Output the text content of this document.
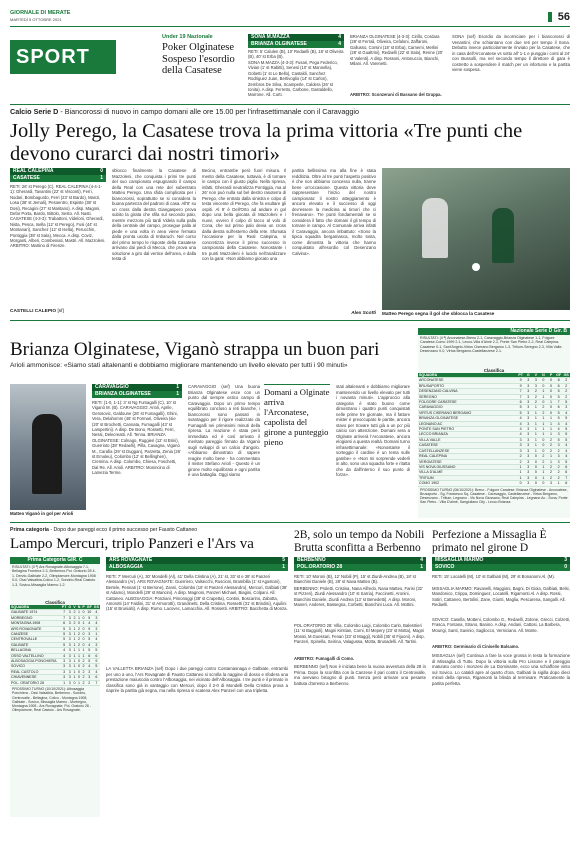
GIORNALE DI MERATE
MARTEDÌ 5 OTTOBRE 2021	56
SPORT
Under 19 Nazionale
Poker Olginatese Sospeso l'esordio della Casatese
SONA M.MAZZA	4
BRIANZA OLGINATESE	4
RETI: 5' Calulen (B), 10' Redaelli (B), 18' st Oliveira (B), 40' st Erba (B).
SONA M.MAZZA (4-3-3): Fusari, Pega Federico, Vivian (1' st Rabitti), Senesi (10' st Mannella), Gobetti (1' st Lo Bello), Castaldi, Sanchez Rodriguez Juan, Bertivoglio (14' st Carlon), Zembros De Silva, Scamperle, Caldera (26' st Ionita). A disp. Ferretto, Carbone, Gastaldello, Marrone. All. Curti.
BRIANZA OLGINATESE (4-3-3): Cirillo, Cordara (28' st Ferrali, Oliveira, Cefaloni, Zaffaroni, Gallusso, Corsini (18' st Erba), Carnemi, Merlini (28' st Gualtrini), Redaelli (22' st Sala), Renne (20' st Valenti). A disp. Rossoni, Antonuccio, Bianchi, Milani. All. Varenetti.
ARBITRO: Sconzerani di Bassano del Grappa.
SONA (sef) Esordio da incorniciare per i biancorossi di Venantini, che schiantano con due reti per tempo il Sona. Debutto invece particolarmente rinviato per la Casatese, che in casa dell'Arconatese vs sotto all' 1-1 e punggia i conti al 24' con Bussolli, ma nel secondo tempo il direttore di gara è costretto a sospendere il match per un infortunio e la partita viene sospesa.
Calcio Serie D - Biancorossi di nuovo in campo domani alle ore 15.00 per l'infrasettimanale con il Caravaggio
Jolly Perego, la Casatese trova la prima vittoria «Tre punti che devono curarci dai nostri timori»
REAL CALEPINA	0
CASATESE	1
RETI: 26' st Perego (C). REAL CALEPINA (4-4-1-1): Gherardi, Tavantini (22' st Visconti), Ferri, Nodari, Bombagurdo, Ferri (23' st Bardo), Manzi, Losa (38' st Jemali), Pesoentro, Espiste (38' st Dosi), Recagini (27' st Maritano). A disp. Magoni, Defar Porta, Bardo, Bittolo, Sesto. All. Nasti. CASATESE (4-3-3): Trabattoni, Videloni, Gherardi, Nista, Pesca, Isella (12' st Perego), Fusi (44' st Montanari), Sanchez (12' st Isella), Perucchin, Pontiggia (38' st Sala), Mecca. A disp. Coviz, Morganti, Alberi, Combeniati, Mastri. All. Mazzoleni. ARBITRO: Martino di Firenze.
CASTELLI CALEPIO [sf]
sblocco finalmente la Casatese di Mazzoleni, che conquista i primi tre punti del suo campionato espugnando il campo della Real con una rete del subentrato Matteo Perego. Una sfida complicata per i biancorossi, soprattutto se si considera la buona partenza del padroni di casa. All'8' su un cross dalla destra Giangaspero prova subito la girata che sfila sul secondo palo, mentre mezzora più tardi Videla sulla palla della centrale del campo, prosegue palla al piede e una volta in area viene fermato dalla pronta uscita di Imbaruch. Nel corso del primo tempo le risposte della Casatese arrivano dai piedi di Mecca, che prova una soluzione a giro dal vertice dell'area, e dalla testa di
Becino, entrambe però fuori misura. Il merito della Casatese, tuttavia, è di tornare in campo con il giusto piglio. Nella ripresa, infatti, Gherardi neutralizza Pontiggia, ma al 26' non può nulla sul bel destro rasoterra di Perego, che entrato dalla sinistra e colpo di testa vincente di Perego, che fa esultare gli ospiti. Al 9' è Dell'Orto ad andare in gol dopo una bella giocata di Mazzoleni e i nuovi, ovvero il colpo di tacco al volo di Cona, che sul primo palo devia un cross dalla destra sull'esterno della rete. Sfumata l'occasione per la Real Calepina, si concretizza invece il primo successo in campionato della Casatese. Nonostante i tre punti Mazzoleni è lucido nell'analizzare con la gara: «Non abbiamo giocato una
partita bellissima ma alla fine è stata redditizia. Oltre al tre punti l'aspetto positivo è che non abbiamo concesso nulla, tranne bene un'occasione. Questa vittoria deve rappresentare l'inizio del nostro campionato: il nostro atteggiamento è ancora elevato e il successo di oggi dev'essere la medicina ai timori che ci frenavano». Tre punti fondamentali se si considera il fatto che domani il gli tempo di tornare in campo. Al Comunale arriva infatti il Caravaggio, ancora imbattuto: «Sono la tipica squadra bergamasca, molto tosta, come dimostra la vittoria che hanno conquistato all'esordio col Desenzano Calvina».
Alex Scotti Matteo Perego segna il gol che sblocca la Casatese
Brianza Olginatese, Viganò strappa un buon pari
Arioli ammonisce: «Siamo stati altalenanti e dobbiamo migliorare mantenendo un livello elevato per tutti i 90 minuti»
Matteo Viganò in gol per Arioli
CARAVAGGIO	1
BRIANZA OLGINATESE	1
RETI: (1-0, 1-1): 3' st Ng Fumagalli (C), 10' st Viganò M. (B). CARAVAGGIO: Arioli, Aprile, Gerosovic, Galdoune (26' st Fumagalli), Ghini, Vera, Delahomm (46' st Formari, Oliveira (sie (20' st Brochetti, Cannata, Fumagalli (43' st Lampertini). A disp. De Bono, Rossetti, Ferri, Nessi, Delecreatti. All. Tenna. BRIANZA OLGINATESE: Colnago, Ruggieri (12' st Brini), Guerrioto (38' Redaelli), Pilla, Cavagna, Viganò M., Carafia (29' st Duggan), Parzetta, Zenia (26' st Emuleu), Colombo (12' st Bellinghen), Cremina. A disp. Colombo, Chiesa, Foschetti, Dal Re. All. Arioli. ARBITRO: Monincino di Lamezia Terme.
CARAVAGGIO (sef) Una buona Brianza Olginatese esce con un punto dal sempre ostico campo di Caravaggio. Dopo un primo tempo equilibrato concluso a reti bianche, i biancorossi sono passati in svantaggio per il rigore realizzato da Fumagalli nei primissimi minuti della ripresa. La reazione è stata però immediata ed è così arrivato il meritato pareggio firmato da Viganò sugli sviluppi di un calcio d'angolo. «Abbiamo dimostrato di sapere reagire molto bene - ha commentato il mister Stefano Arioli - Questo è un girone molto equilibrato e ogni partita è una battaglia. Oggi siamo
Domani a Olginate arriva l'Arconatese, capolista del girone a punteggio pieno
stati altalenanti e dobbiamo migliorare mantenendo un livello elevato per tutti i novanta minuti». L'approccio alla categoria è stato buono come dimostrano i quattro punti conquistati nelle prime tre giornate, ma il fattore mister è preoccupato le partite, ancora stavo per trovare tutti già a un po' più calcio con attenzione. Domani sera a Olginate arriverà l'Arconatese, ancora elogiarsi a questa realtà. Domani turno infrasettimanale: «Nonostante il sorteggio il cardine è un tema sulle gambe» e «Non mi sorprende vederli in alto, sono una squadra forte e ritatta che da dall'interno il suo punto di forza».
Nazionale Serie D Gir. B
RISULTATI: (4 ª) Arconatese-Breno 2-1, Caravaggio-Brianza Olginatese 1-1, Folgore Caratese-Como 1999 2-1, Lecco-Villa d'Almè 2-2, Ponte San Pietro 2-2, Real Calepina-Casatese 0-1, Sant'Angelo-Virtus Ciserano Bergamo 1-3, Tritium-Seregno 2-3, Villa Valle-Desenzano 0-0, Virtus Bergamo-Castellanzese 2-1.
Classifica
SQUADRA	PT	G	V	N	P	GF	GS
ARCONATESE	9	3	3	0	0	8	2
BRUSAPORTO	9	3	3	0	0	6	2
DESENZANO CALVINA	7	3	2	1	0	5	2
SEREGNO	7	3	2	1	0	5	2
FOLGORE CARATESE	6	3	2	0	1	7	5
CARAVAGGIO	5	3	1	2	0	6	3
VIRTUS CISERANO BERGAMO	5	3	1	2	0	5	4
BRIANZA OLGINATESE	4	3	1	1	1	5	5
LEGNANO AC	4	3	1	1	1	4	4
PONTE SAN PIETRO	4	3	1	1	1	4	5
LECCO BRIANZA	4	3	1	1	1	3	5
VILLA VALLE	3	3	1	0	2	5	5
CASATESE	3	3	1	0	2	3	4
CASTELLANZESE	3	3	1	0	2	2	4
REAL CALEPINA	2	3	0	2	1	3	4
VERGIATESE	2	3	0	2	1	3	5
VIS NOVA GIUSSANO	1	3	0	1	2	2	6
VILLA D'ALMÈ	1	3	0	1	2	2	6
TRITIUM	1	3	0	1	2	2	7
COMO 1902	0	3	0	0	3	1	6
PROSSIMO TURNO (06/10/2021): Breno - Folgore Caratese, Brianza Olginatese - Arconatese, Brusaporto - Sg. Francesco Sq, Casatese - Caravaggio, Castellanzese - Virtus Bergamo, Desenzano - Tritium, Legnano - Vis Nova Giussano, Real Calepina - Legnano Ac - Sona, Ponte San Pietro - Villa D'almè, Sangiuliano City - Lecco Brianza.
Prima categoria - Dopo due pareggi ecco il primo successo per Fausto Cattaneo
Lampo Mercuri, triplo Panzeri e l'Ars va
Prima Categoria GIR. C
RISULTATI: (3 ª) Ars Rovagnate-Albosaggia 7-1, Bellagina Frontera 2-3, Berbenno-Pol. Oratorio 28 4-1, Dervio-Galbiate 2-2, Olimpiamore-Montagna 1908 0-0, Ossi Valsalbia-Colico 1-2, Sondrio-Real Castolo 1-3, Sovico-Missaglia Marmo 1-2.
Classifica
SQUADRA	PT	G	V	N	P	GF	GS
GALBIATE 1974	7	3	2	1	0	10	4
MORBEGNO	7	3	2	1	0	5	3
MONTAGNA 1908	6	3	2	0	1	4	4
ARS ROVAGNATE	5	3	1	2	0	9	3
CANZESE	5	3	1	2	0	3	1
CENTROVALLE	5	3	1	2	0	5	4
GALBIATE	5	3	1	2	0	4	3
BELLAGINA	4	3	1	1	1	5	5
OSSO VALTELLINO	4	3	1	1	1	6	6
ALBOSAGGIA PONCHIERA	3	3	1	0	2	5	9
SOVICO	3	3	1	0	2	4	5
REAL CASTOLO	3	3	1	0	2	3	4
CHIAVENNESE	3	3	1	0	2	3	6
POL. ORATORIO 28	1	3	0	1	2	2	7
PROSSIMO TURNO (10/10/2021): Albosaggia Ponchiera - Ossi Valsalbia, Berbenno - Sondrio, Centrovalle - Bellagina, Colico - Montagna 1908, Galbiate - Sovico, Missaglia Marmo - Morbegno, Montagna 1908 - Ars Rovagnate, Pol. Oratorio 28 - Olimpiamore, Real Castolo - Ars Rovagnate.
ARS ROVAGNATE	5
ALBOSAGGIA	1
RETI: 7' Mercuri (A), 30' Mondelli (Al), 41' Della Cristina (A), 21' st, 33' st e 38' st Panzeri Alessandro (Ar). ARS ROVAGNATE: Guerriero, Valsecchi, Ruscioni, Brambilla (1' st Agostoni), Bertele, Pennati (1' st Berrone), Zanni, Colombo (16' st Panzeri Alessandro), Mercuri, Galbiati (38' st Adamo), Mondelli (29' st Mancini). A disp. Magnoni, Panzeri Michael, Biagini, Colpani. All. Cattaneo. ALBOSAGGIA: Ponziani, Pimonoggi (38' st Crapetta), Contini, Boscarino, Zabotta, Amorotti (14' Faldini, 31' st Armorotti), Grandinetti, Della Cristina, Rossetti (31' st Brindisi), Aquilini (15' st Brunialti). A disp. Rumo. Lacovec, Lamacchia. All. Rossetti. ARBITRO: Bacchetta di Monza.
LA VALLETTA BRIANZA (sef) Dopo i due pareggi contro Costamasnaga e Galbiate, entrambi per uno a uno, l'Ars Rovagnate di Fausto Cattaneo si scrolla la naggine di dosso e sfodera una prestazione maiuscola contro l'Albosaggia, nei vicinato dell'Albosaggia. I tre punti e il primato in classifica sono già in vantaggio con Mercuri, dopo il 2-0 di Mondelli Della Cristina prova a riaprire la partita già segna, ma nella ripresa si scatena Alex Panzeri con una tripletta.
2B, solo un tempo da Nobili Brutta sconfitta a Berbenno
BERBENNO	4
POL.ORATORIO 28	1
RETI: 10' Moroni (B), 12' Nobili (P), 15' st Ziurdi-Andrea (B), 18' st Bianchini Daniele (B), 28' st Nava Matteo (B).
BERBENNO: Proletti, Cristina, Nana Alfredo, Nana Matteo, Farisi (32' st Pizzeri), Ziurdi Alessandro (10' st Sarria), Faccinetti, Aronini, Bianchini Daniele, Ziurdi Andrea (13' st Benedetti). A disp. Moroni, Maneri, Anderes, Bassegna, Corbetti, Bianchini Luca. All. Mottini.
POL.ORATORIO 28: Villa, Colombo Luigi, Colombo Carlo, Balestrieri (11' st Baggioli), Magni Kirstian, Corni, El Mepery (23' st Motta), Magni Morati, M.Guessari, Fenan (33' st Maggi), Nobili (35' st Fijuoni). A disp. Panzeri, Spinella, Seirina, Valagussa, Motta, Brusadelli. All. Tartini.
ARBITRO: Fumagalli di Como.
BERBENNO (sef) Non è iniziata bene la nuova avventura della 28 in Prima. Dopo la sconfitta con la Canzese il pari contro il Centrovalle, ma avevano bisogno di punti. Senza però arrivare una pesante battuta d'arresto a Berbenno.
Perfezione a Missaglia È primato nel girone D
MISSAGLIA MARMO	3
SOVICO	0
RETI: 15' Locatelli (M), 10' st Galbiati (M), 29' st Bonanomi Al. (M).
MISSAGLIA MARMO: Ravanelli, Maggioni, Bagni, Di Gioia, Galbiati, Belsi, Mandonico, Crippa, Dominguez, Locatelli, Rigamonti Al. A disp. Rossi, Sotiri, Cattaneo, Bertolini, Zane, Giunti, Maglia, Pescarena, Sangalli. All. Redaelli.
SOVICO: Casella, Motteni, Colombo G., Redaelli, Zotone, Grecci, Colzetti, Frasca, Fontana, Strano, Banino. A disp. Andani, Cattosi, La Barbera, Mourigi, Santi, Savinio, Sagliocco, Verniciano. All. Monte.
ARBITRO: Germinario di Cinisello Balsamo.
MISSAGLIA (sef) Continua a fare la voce grossa in testa la formazione di Missaglia di Tutto. Dopo la vittoria sulla Pro Lissone e il pareggio maturato contro i monzesi de La Dominante, ecco una schiaffone vinto sul Sovico. Lo cataldi apre al quarto d'ora, Galbiati la sigilla dopo dieci minuti della ripresa, Rigamonti la blinda al terminare. Praticamente la partita perfetta.
